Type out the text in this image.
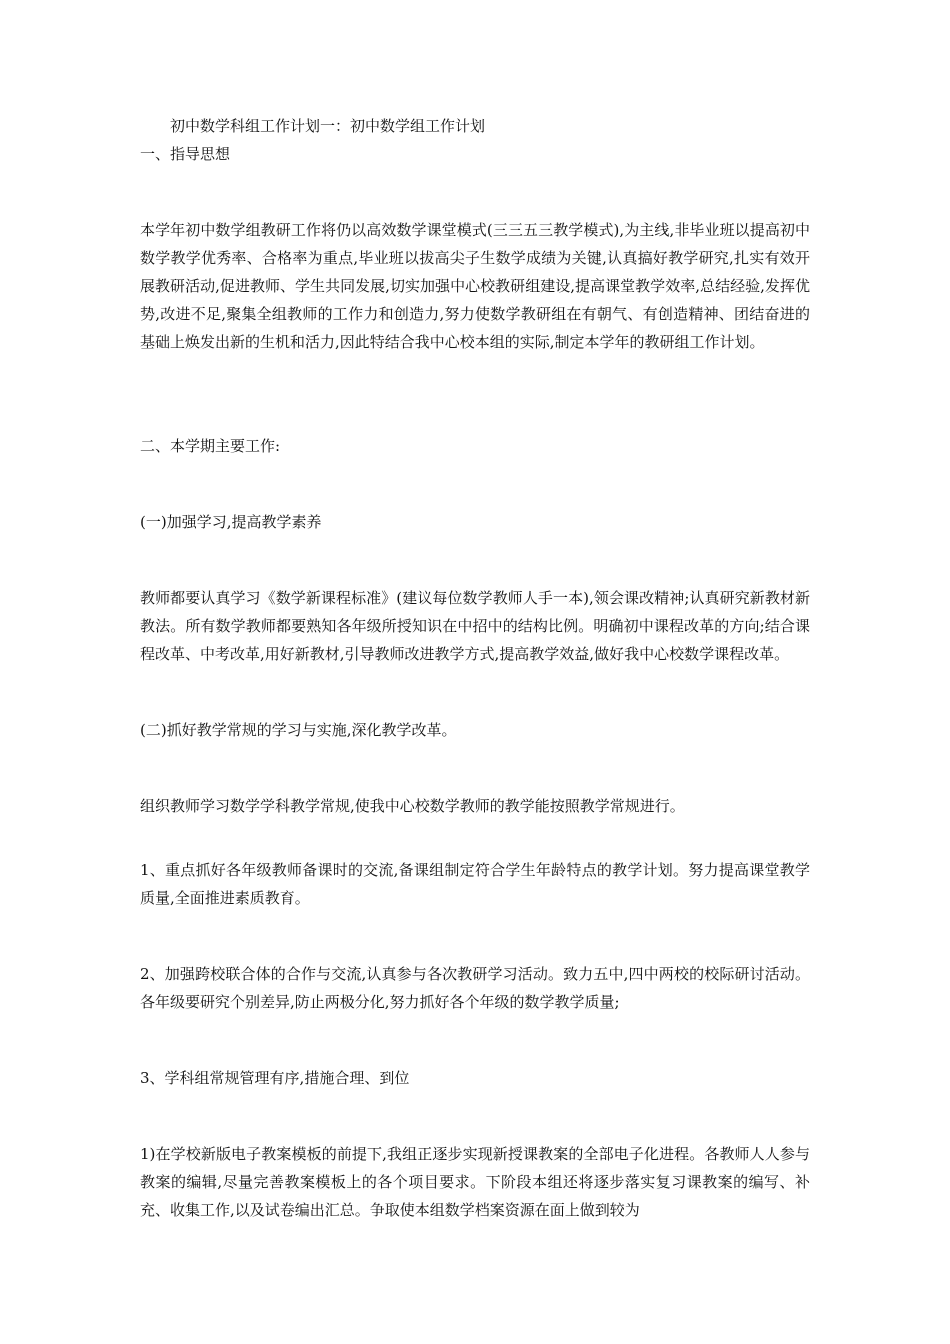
初中数学科组工作计划一：初中数学组工作计划

一、指导思想

本学年初中数学组教研工作将仍以高效数学课堂模式(三三五三教学模式),为主线,非毕业班以提高初中数学教学优秀率、合格率为重点,毕业班以拔高尖子生数学成绩为关键,认真搞好教学研究,扎实有效开展教研活动,促进教师、学生共同发展,切实加强中心校教研组建设,提高课堂教学效率,总结经验,发挥优势,改进不足,聚集全组教师的工作力和创造力,努力使数学教研组在有朝气、有创造精神、团结奋进的基础上焕发出新的生机和活力,因此特结合我中心校本组的实际,制定本学年的教研组工作计划。

二、本学期主要工作:

(一)加强学习,提高教学素养

教师都要认真学习《数学新课程标准》(建议每位数学教师人手一本),领会课改精神;认真研究新教材新教法。所有数学教师都要熟知各年级所授知识在中招中的结构比例。明确初中课程改革的方向;结合课程改革、中考改革,用好新教材,引导教师改进教学方式,提高教学效益,做好我中心校数学课程改革。

(二)抓好教学常规的学习与实施,深化教学改革。

组织教师学习数学学科教学常规,使我中心校数学教师的教学能按照教学常规进行。

1、重点抓好各年级教师备课时的交流,备课组制定符合学生年龄特点的教学计划。努力提高课堂教学质量,全面推进素质教育。

2、加强跨校联合体的合作与交流,认真参与各次教研学习活动。致力五中,四中两校的校际研讨活动。各年级要研究个别差异,防止两极分化,努力抓好各个年级的数学教学质量;

3、学科组常规管理有序,措施合理、到位

1)在学校新版电子教案模板的前提下,我组正逐步实现新授课教案的全部电子化进程。各教师人人参与教案的编辑,尽量完善教案模板上的各个项目要求。下阶段本组还将逐步落实复习课教案的编写、补充、收集工作,以及试卷编出汇总。争取使本组数学档案资源在面上做到较为
